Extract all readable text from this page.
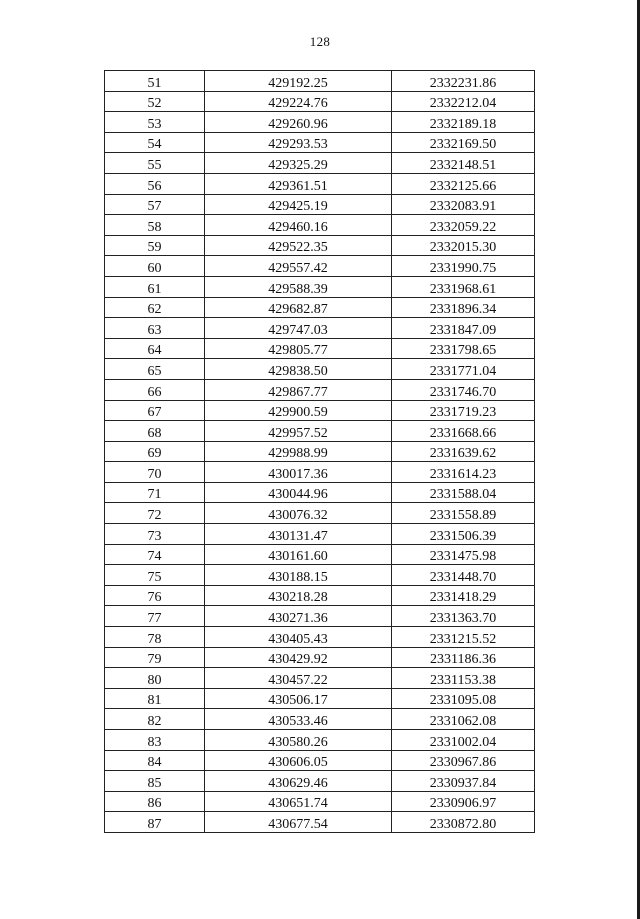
128
51	429192.25	2332231.86
52	429224.76	2332212.04
53	429260.96	2332189.18
54	429293.53	2332169.50
55	429325.29	2332148.51
56	429361.51	2332125.66
57	429425.19	2332083.91
58	429460.16	2332059.22
59	429522.35	2332015.30
60	429557.42	2331990.75
61	429588.39	2331968.61
62	429682.87	2331896.34
63	429747.03	2331847.09
64	429805.77	2331798.65
65	429838.50	2331771.04
66	429867.77	2331746.70
67	429900.59	2331719.23
68	429957.52	2331668.66
69	429988.99	2331639.62
70	430017.36	2331614.23
71	430044.96	2331588.04
72	430076.32	2331558.89
73	430131.47	2331506.39
74	430161.60	2331475.98
75	430188.15	2331448.70
76	430218.28	2331418.29
77	430271.36	2331363.70
78	430405.43	2331215.52
79	430429.92	2331186.36
80	430457.22	2331153.38
81	430506.17	2331095.08
82	430533.46	2331062.08
83	430580.26	2331002.04
84	430606.05	2330967.86
85	430629.46	2330937.84
86	430651.74	2330906.97
87	430677.54	2330872.80
